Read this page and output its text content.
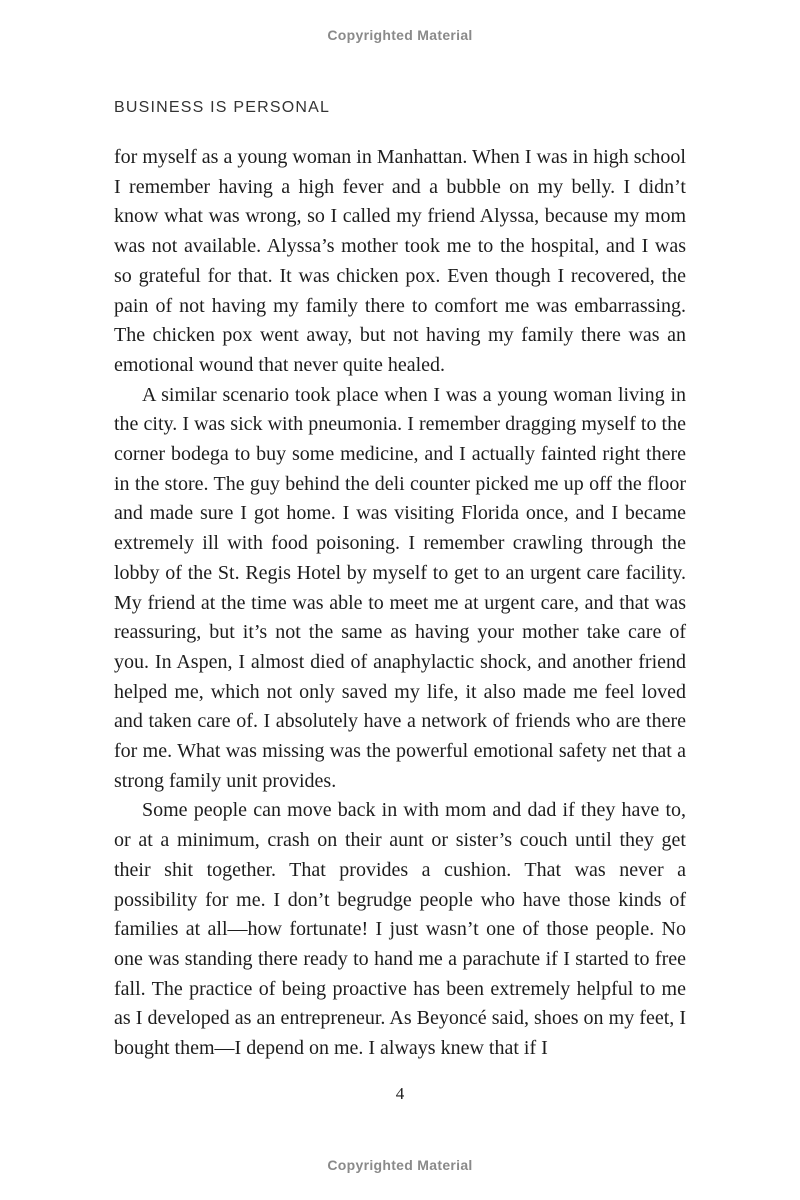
Copyrighted Material
BUSINESS IS PERSONAL

for myself as a young woman in Manhattan. When I was in high school I remember having a high fever and a bubble on my belly. I didn’t know what was wrong, so I called my friend Alyssa, because my mom was not available. Alyssa’s mother took me to the hospital, and I was so grateful for that. It was chicken pox. Even though I recovered, the pain of not having my family there to comfort me was embarrassing. The chicken pox went away, but not having my family there was an emotional wound that never quite healed.

A similar scenario took place when I was a young woman living in the city. I was sick with pneumonia. I remember dragging myself to the corner bodega to buy some medicine, and I actually fainted right there in the store. The guy behind the deli counter picked me up off the floor and made sure I got home. I was visiting Florida once, and I became extremely ill with food poisoning. I remember crawling through the lobby of the St. Regis Hotel by myself to get to an urgent care facility. My friend at the time was able to meet me at urgent care, and that was reassuring, but it’s not the same as having your mother take care of you. In Aspen, I almost died of anaphylactic shock, and another friend helped me, which not only saved my life, it also made me feel loved and taken care of. I absolutely have a network of friends who are there for me. What was missing was the powerful emotional safety net that a strong family unit provides.

Some people can move back in with mom and dad if they have to, or at a minimum, crash on their aunt or sister’s couch until they get their shit together. That provides a cushion. That was never a possibility for me. I don’t begrudge people who have those kinds of families at all—how fortunate! I just wasn’t one of those people. No one was standing there ready to hand me a parachute if I started to free fall. The practice of being proactive has been extremely helpful to me as I developed as an entrepreneur. As Beyoncé said, shoes on my feet, I bought them—I depend on me. I always knew that if I

4
Copyrighted Material
